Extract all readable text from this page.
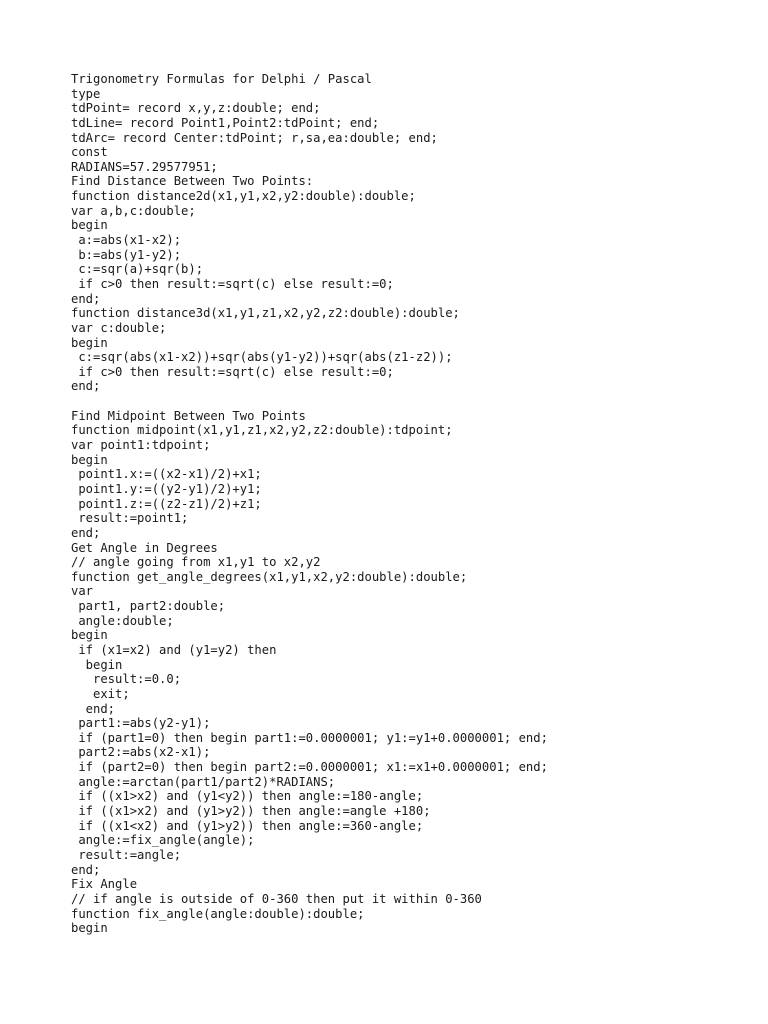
Trigonometry Formulas for Delphi / Pascal
type
tdPoint= record x,y,z:double; end;
tdLine= record Point1,Point2:tdPoint; end;
tdArc= record Center:tdPoint; r,sa,ea:double; end;
const
RADIANS=57.29577951;
Find Distance Between Two Points:
function distance2d(x1,y1,x2,y2:double):double;
var a,b,c:double;
begin
a:=abs(x1-x2);
b:=abs(y1-y2);
c:=sqr(a)+sqr(b);
if c>0 then result:=sqrt(c) else result:=0;
end;
function distance3d(x1,y1,z1,x2,y2,z2:double):double;
var c:double;
begin
c:=sqr(abs(x1-x2))+sqr(abs(y1-y2))+sqr(abs(z1-z2));
if c>0 then result:=sqrt(c) else result:=0;
end;
Find Midpoint Between Two Points
function midpoint(x1,y1,z1,x2,y2,z2:double):tdpoint;
var point1:tdpoint;
begin
point1.x:=((x2-x1)/2)+x1;
point1.y:=((y2-y1)/2)+y1;
point1.z:=((z2-z1)/2)+z1;
result:=point1;
end;
Get Angle in Degrees
// angle going from x1,y1 to x2,y2
function get_angle_degrees(x1,y1,x2,y2:double):double;
var
part1, part2:double;
angle:double;
begin
if (x1=x2) and (y1=y2) then
begin
result:=0.0;
exit;
end;
part1:=abs(y2-y1);
if (part1=0) then begin part1:=0.0000001; y1:=y1+0.0000001; end;
part2:=abs(x2-x1);
if (part2=0) then begin part2:=0.0000001; x1:=x1+0.0000001; end;
angle:=arctan(part1/part2)*RADIANS;
if ((x1>x2) and (y1<y2)) then angle:=180-angle;
if ((x1>x2) and (y1>y2)) then angle:=angle +180;
if ((x1<x2) and (y1>y2)) then angle:=360-angle;
angle:=fix_angle(angle);
result:=angle;
end;
Fix Angle
// if angle is outside of 0-360 then put it within 0-360
function fix_angle(angle:double):double;
begin
